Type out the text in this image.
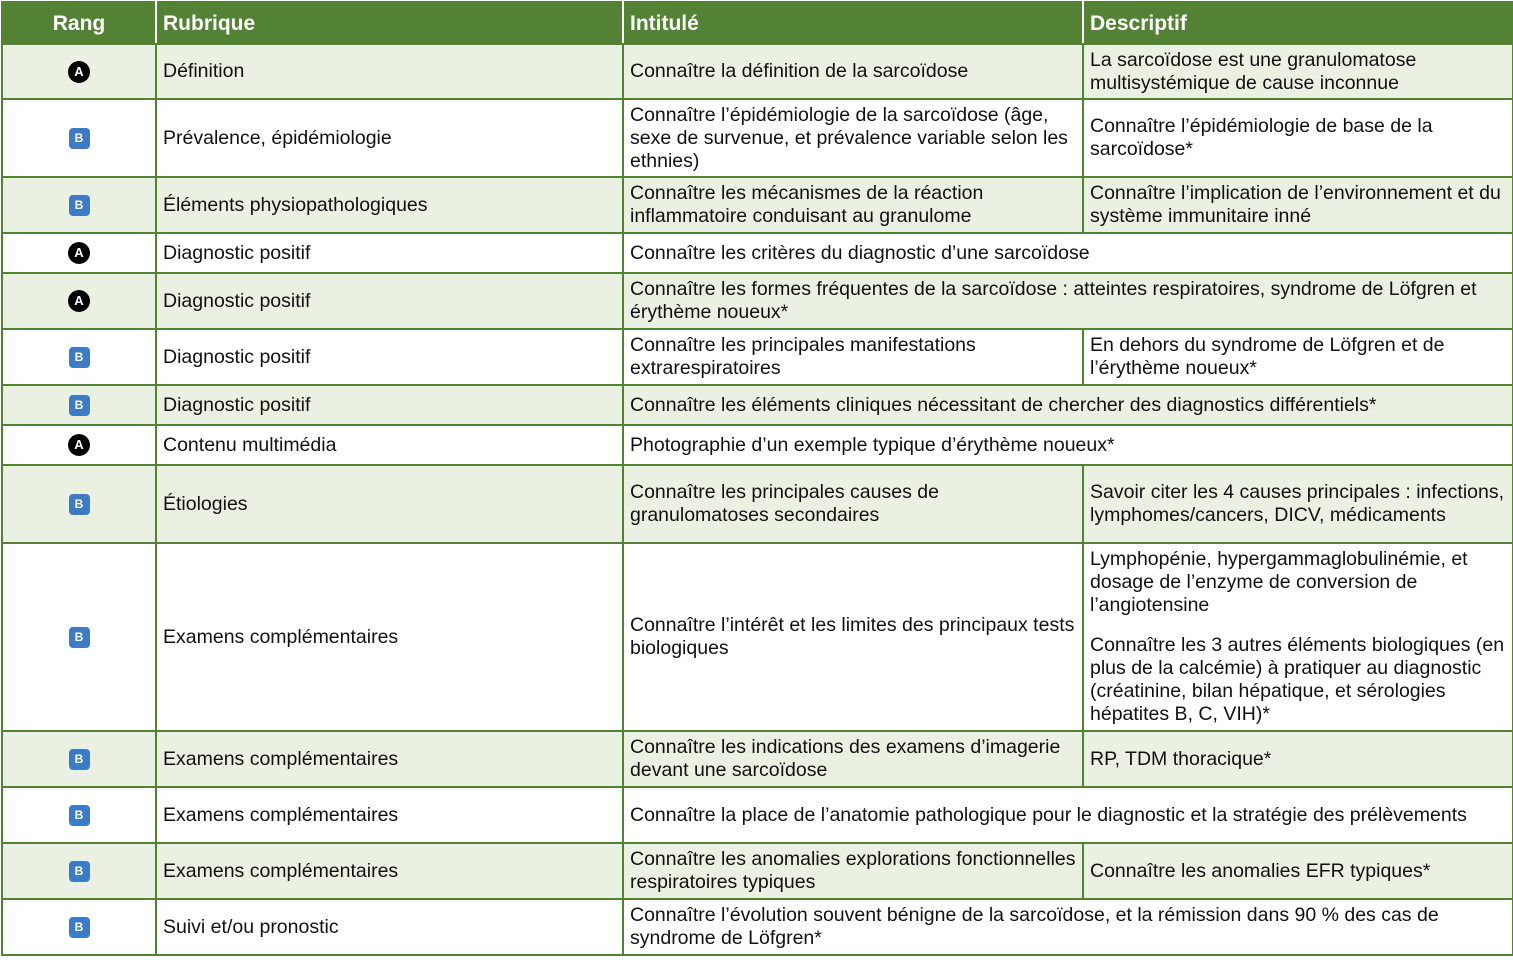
Rang	Rubrique	Intitulé	Descriptif
A	Définition	Connaître la définition de la sarcoïdose	La sarcoïdose est une granulomatose multisystémique de cause inconnue

B	Prévalence, épidémiologie	Connaître l’épidémiologie de la sarcoïdose (âge, sexe de survenue, et prévalence variable selon les ethnies)	Connaître l’épidémiologie de base de la sarcoïdose*

B	Éléments physiopathologiques	Connaître les mécanismes de la réaction inflammatoire conduisant au granulome	Connaître l’implication de l’environnement et du système immunitaire inné

A	Diagnostic positif	Connaître les critères du diagnostic d’une sarcoïdose	
A	Diagnostic positif	Connaître les formes fréquentes de la sarcoïdose : atteintes respiratoires, syndrome de Löfgren et érythème noueux*	
B	Diagnostic positif	Connaître les principales manifestations extrarespiratoires	En dehors du syndrome de Löfgren et de l’érythème noueux*

B	Diagnostic positif	Connaître les éléments cliniques nécessitant de chercher des diagnostics différentiels*	
A	Contenu multimédia	Photographie d’un exemple typique d’érythème noueux*	
B	Étiologies	Connaître les principales causes de granulomatoses secondaires	Savoir citer les 4 causes principales : infections, lymphomes/cancers, DICV, médicaments

B	Examens complémentaires	Connaître l’intérêt et les limites des principaux tests biologiques	Lymphopénie, hypergammaglobulinémie, et dosage de l’enzyme de conversion de l’angiotensine
Connaître les 3 autres éléments biologiques (en plus de la calcémie) à pratiquer au diagnostic (créatinine, bilan hépatique, et sérologies hépatites B, C, VIH)*

B	Examens complémentaires	Connaître les indications des examens d’imagerie devant une sarcoïdose	RP, TDM thoracique*

B	Examens complémentaires	Connaître la place de l’anatomie pathologique pour le diagnostic et la stratégie des prélèvements	
B	Examens complémentaires	Connaître les anomalies explorations fonctionnelles respiratoires typiques	Connaître les anomalies EFR typiques*

B	Suivi et/ou pronostic	Connaître l’évolution souvent bénigne de la sarcoïdose, et la rémission dans 90 % des cas de syndrome de Löfgren*	
